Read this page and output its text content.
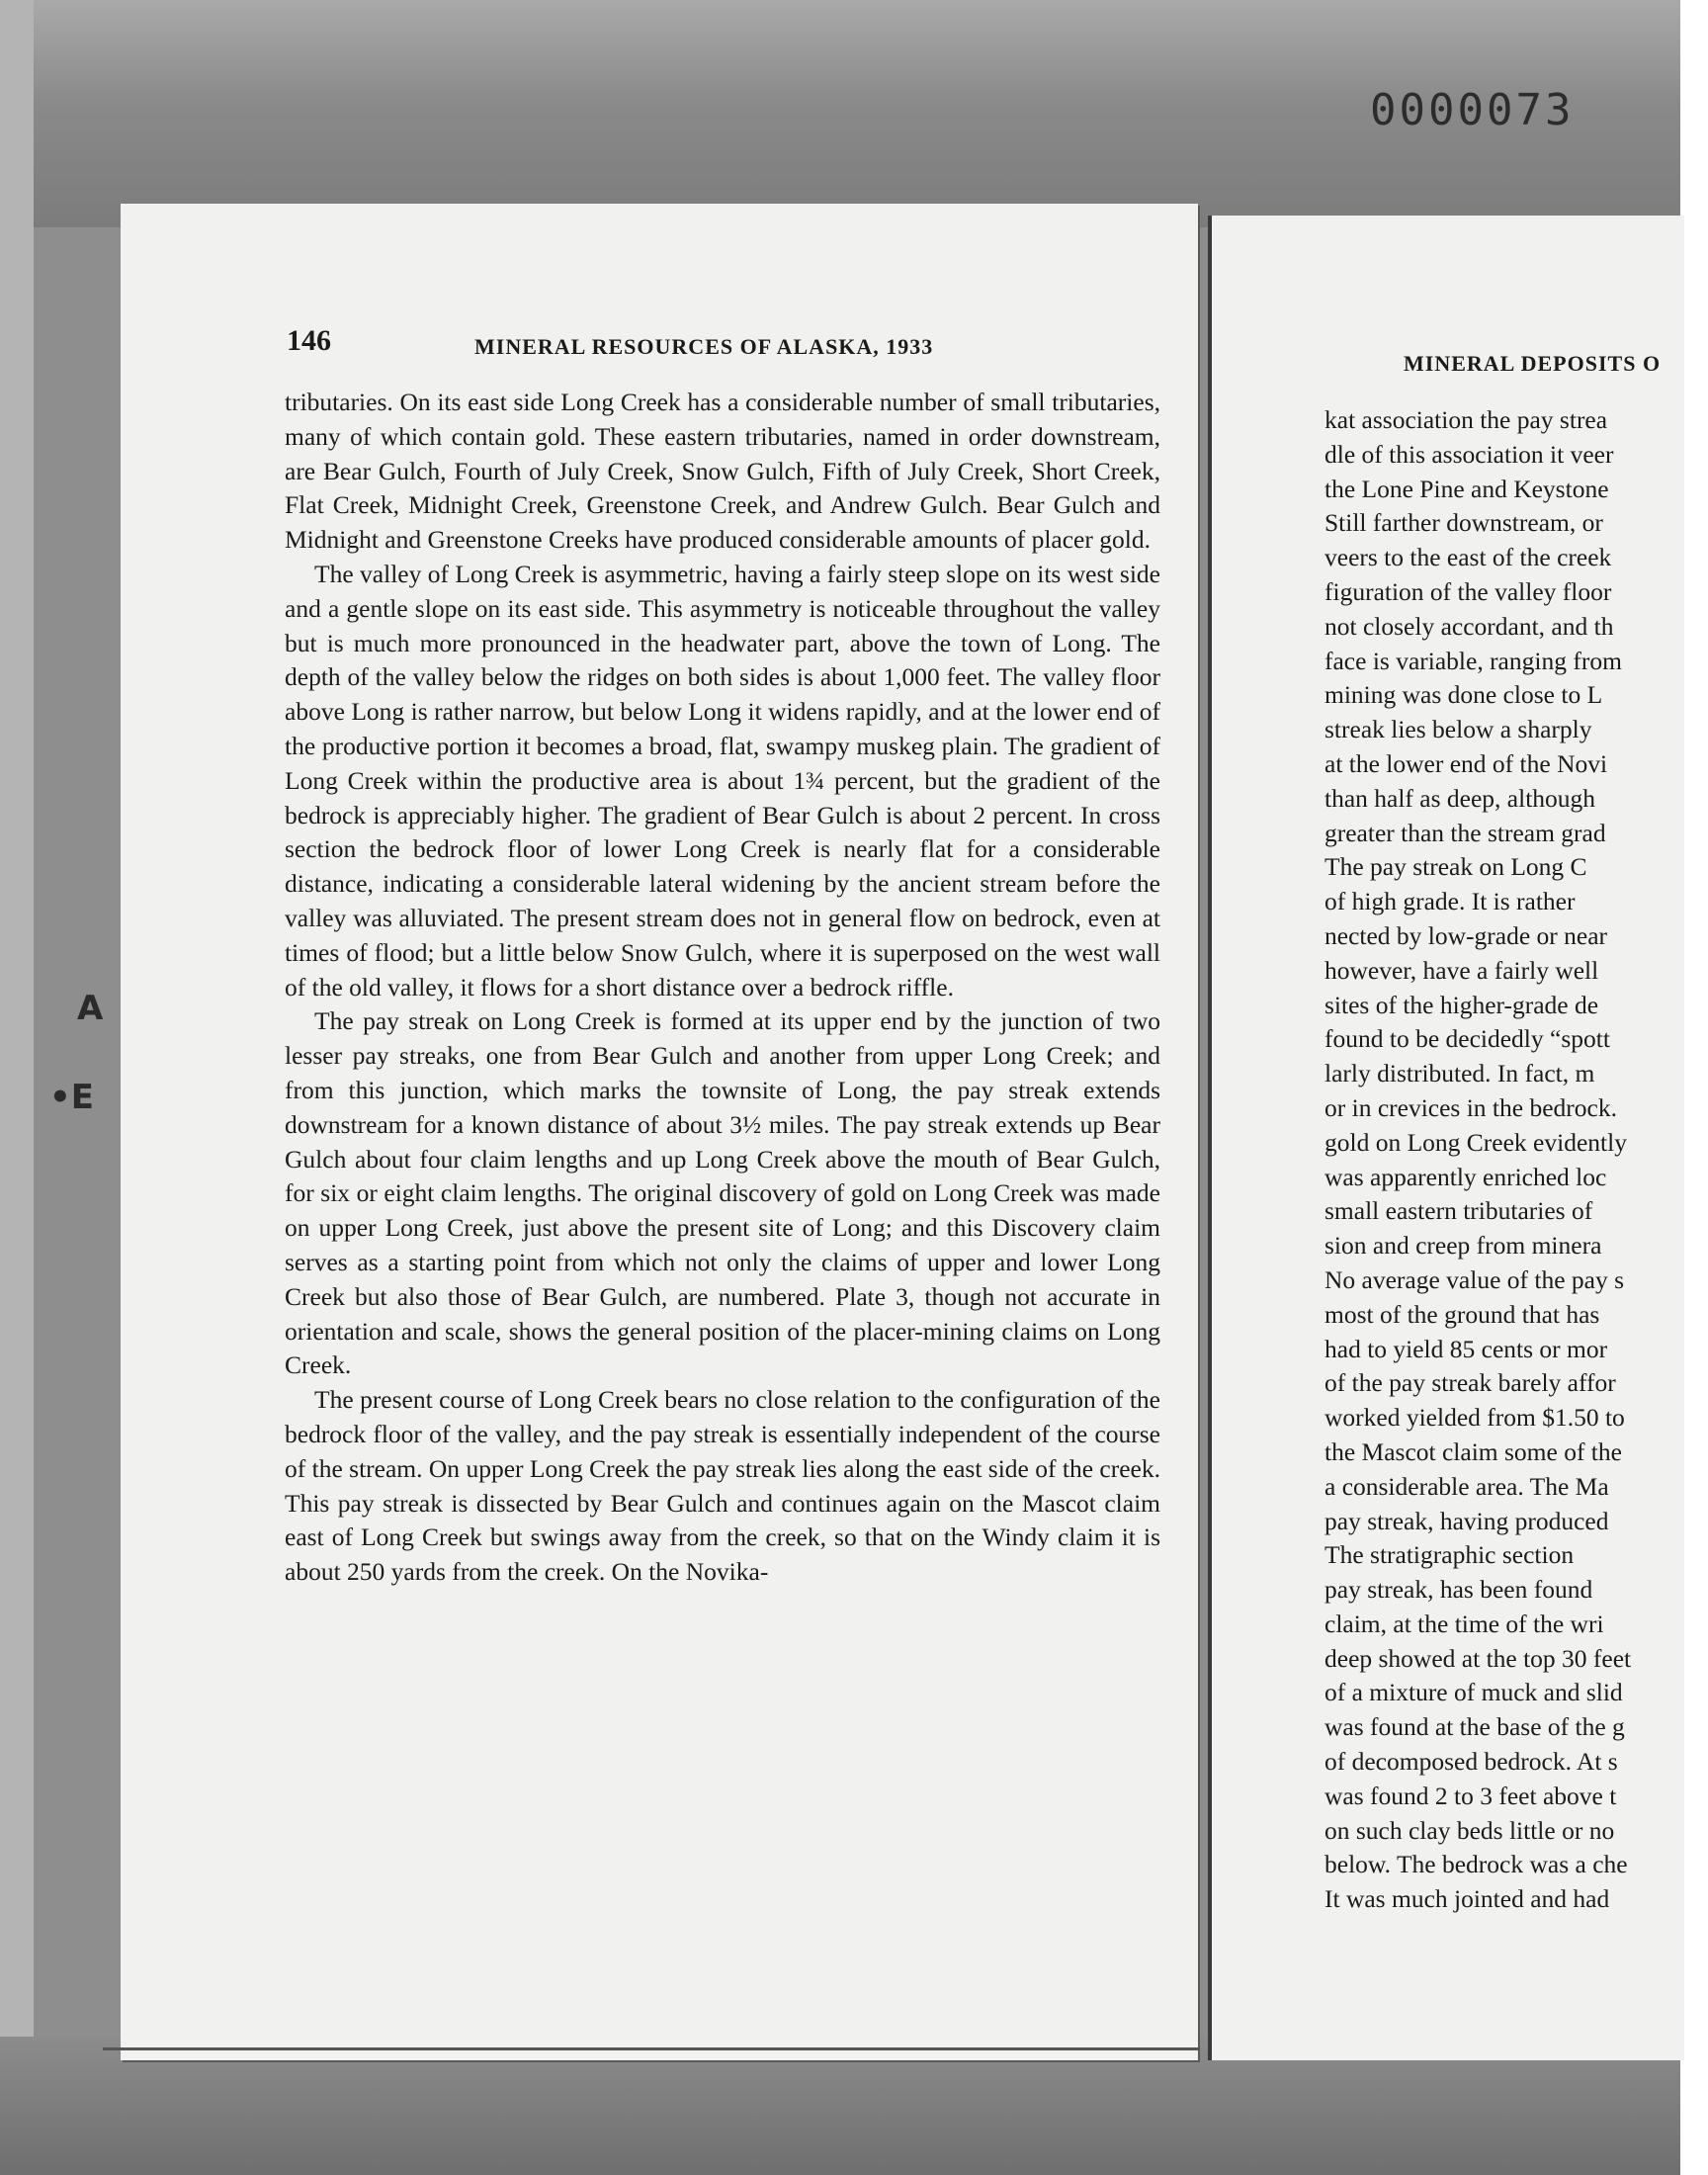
0000073
146	MINERAL RESOURCES OF ALASKA, 1933

tributaries. On its east side Long Creek has a considerable number of small tributaries, many of which contain gold. These eastern tributaries, named in order downstream, are Bear Gulch, Fourth of July Creek, Snow Gulch, Fifth of July Creek, Short Creek, Flat Creek, Midnight Creek, Greenstone Creek, and Andrew Gulch. Bear Gulch and Midnight and Greenstone Creeks have produced considerable amounts of placer gold.

The valley of Long Creek is asymmetric, having a fairly steep slope on its west side and a gentle slope on its east side. This asymmetry is noticeable throughout the valley but is much more pronounced in the headwater part, above the town of Long. The depth of the valley below the ridges on both sides is about 1,000 feet. The valley floor above Long is rather narrow, but below Long it widens rapidly, and at the lower end of the productive portion it becomes a broad, flat, swampy muskeg plain. The gradient of Long Creek within the productive area is about 1¾ percent, but the gradient of the bedrock is appreciably higher. The gradient of Bear Gulch is about 2 percent. In cross section the bedrock floor of lower Long Creek is nearly flat for a considerable distance, indicating a considerable lateral widening by the ancient stream before the valley was alluviated. The present stream does not in general flow on bedrock, even at times of flood; but a little below Snow Gulch, where it is superposed on the west wall of the old valley, it flows for a short distance over a bedrock riffle.

The pay streak on Long Creek is formed at its upper end by the junction of two lesser pay streaks, one from Bear Gulch and another from upper Long Creek; and from this junction, which marks the townsite of Long, the pay streak extends downstream for a known distance of about 3½ miles. The pay streak extends up Bear Gulch about four claim lengths and up Long Creek above the mouth of Bear Gulch, for six or eight claim lengths. The original discovery of gold on Long Creek was made on upper Long Creek, just above the present site of Long; and this Discovery claim serves as a starting point from which not only the claims of upper and lower Long Creek but also those of Bear Gulch, are numbered. Plate 3, though not accurate in orientation and scale, shows the general position of the placer-mining claims on Long Creek.

The present course of Long Creek bears no close relation to the configuration of the bedrock floor of the valley, and the pay streak is essentially independent of the course of the stream. On upper Long Creek the pay streak lies along the east side of the creek. This pay streak is dissected by Bear Gulch and continues again on the Mascot claim east of Long Creek but swings away from the creek, so that on the Windy claim it is about 250 yards from the creek. On the Novika-

MINERAL DEPOSITS O
kat association the pay strea
dle of this association it veer
the Lone Pine and Keystone
Still farther downstream, or
veers to the east of the creek
figuration of the valley floor
not closely accordant, and th
face is variable, ranging from
mining was done close to L
streak lies below a sharply
at the lower end of the Novi
than half as deep, although
greater than the stream grad
The pay streak on Long C
of high grade. It is rather
nected by low-grade or near
however, have a fairly well
sites of the higher-grade de
found to be decidedly “spott
larly distributed. In fact, m
or in crevices in the bedrock.
gold on Long Creek evidently
was apparently enriched loc
small eastern tributaries of
sion and creep from minera
No average value of the pay s
most of the ground that has
had to yield 85 cents or mor
of the pay streak barely affor
worked yielded from $1.50 to
the Mascot claim some of the
a considerable area. The Ma
pay streak, having produced
The stratigraphic section
pay streak, has been found
claim, at the time of the wri
deep showed at the top 30 feet
of a mixture of muck and slid
was found at the base of the g
of decomposed bedrock. At s
was found 2 to 3 feet above t
on such clay beds little or no
below. The bedrock was a che
It was much jointed and had
A
•E
